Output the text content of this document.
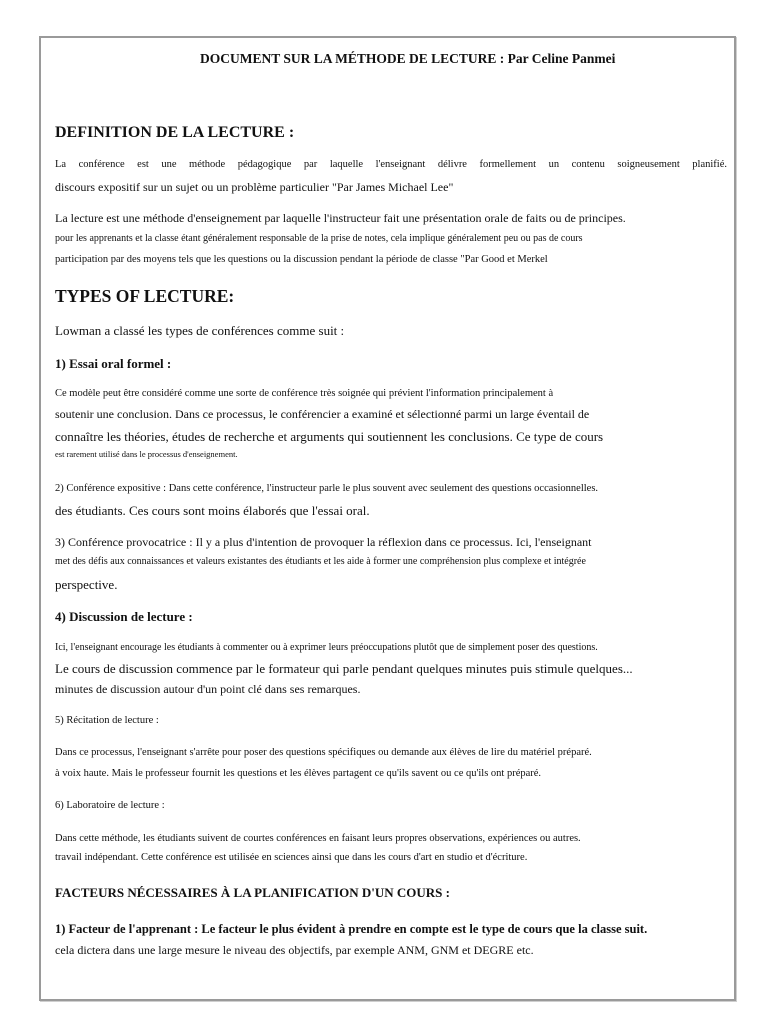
DOCUMENT SUR LA MÉTHODE DE LECTURE : Par Celine Panmei
DEFINITION DE LA LECTURE :
La conférence est une méthode pédagogique par laquelle l'enseignant délivre formellement un contenu soigneusement planifié.
discours expositif sur un sujet ou un problème particulier "Par James Michael Lee"
La lecture est une méthode d'enseignement par laquelle l'instructeur fait une présentation orale de faits ou de principes.
pour les apprenants et la classe étant généralement responsable de la prise de notes, cela implique généralement peu ou pas de cours
participation par des moyens tels que les questions ou la discussion pendant la période de classe "Par Good et Merkel
TYPES OF LECTURE:
Lowman a classé les types de conférences comme suit :
1) Essai oral formel :
Ce modèle peut être considéré comme une sorte de conférence très soignée qui prévient l'information principalement à
soutenir une conclusion. Dans ce processus, le conférencier a examiné et sélectionné parmi un large éventail de
connaître les théories, études de recherche et arguments qui soutiennent les conclusions. Ce type de cours
est rarement utilisé dans le processus d'enseignement.
2) Conférence expositive : Dans cette conférence, l'instructeur parle le plus souvent avec seulement des questions occasionnelles.
des étudiants. Ces cours sont moins élaborés que l'essai oral.
3) Conférence provocatrice : Il y a plus d'intention de provoquer la réflexion dans ce processus. Ici, l'enseignant
met des défis aux connaissances et valeurs existantes des étudiants et les aide à former une compréhension plus complexe et intégrée
perspective.
4) Discussion de lecture :
Ici, l'enseignant encourage les étudiants à commenter ou à exprimer leurs préoccupations plutôt que de simplement poser des questions.
Le cours de discussion commence par le formateur qui parle pendant quelques minutes puis stimule quelques...
minutes de discussion autour d'un point clé dans ses remarques.
5) Récitation de lecture :
Dans ce processus, l'enseignant s'arrête pour poser des questions spécifiques ou demande aux élèves de lire du matériel préparé.
à voix haute. Mais le professeur fournit les questions et les élèves partagent ce qu'ils savent ou ce qu'ils ont préparé.
6) Laboratoire de lecture :
Dans cette méthode, les étudiants suivent de courtes conférences en faisant leurs propres observations, expériences ou autres.
travail indépendant. Cette conférence est utilisée en sciences ainsi que dans les cours d'art en studio et d'écriture.
FACTEURS NÉCESSAIRES À LA PLANIFICATION D'UN COURS :
1) Facteur de l'apprenant : Le facteur le plus évident à prendre en compte est le type de cours que la classe suit.
cela dictera dans une large mesure le niveau des objectifs, par exemple ANM, GNM et DEGRE etc.
